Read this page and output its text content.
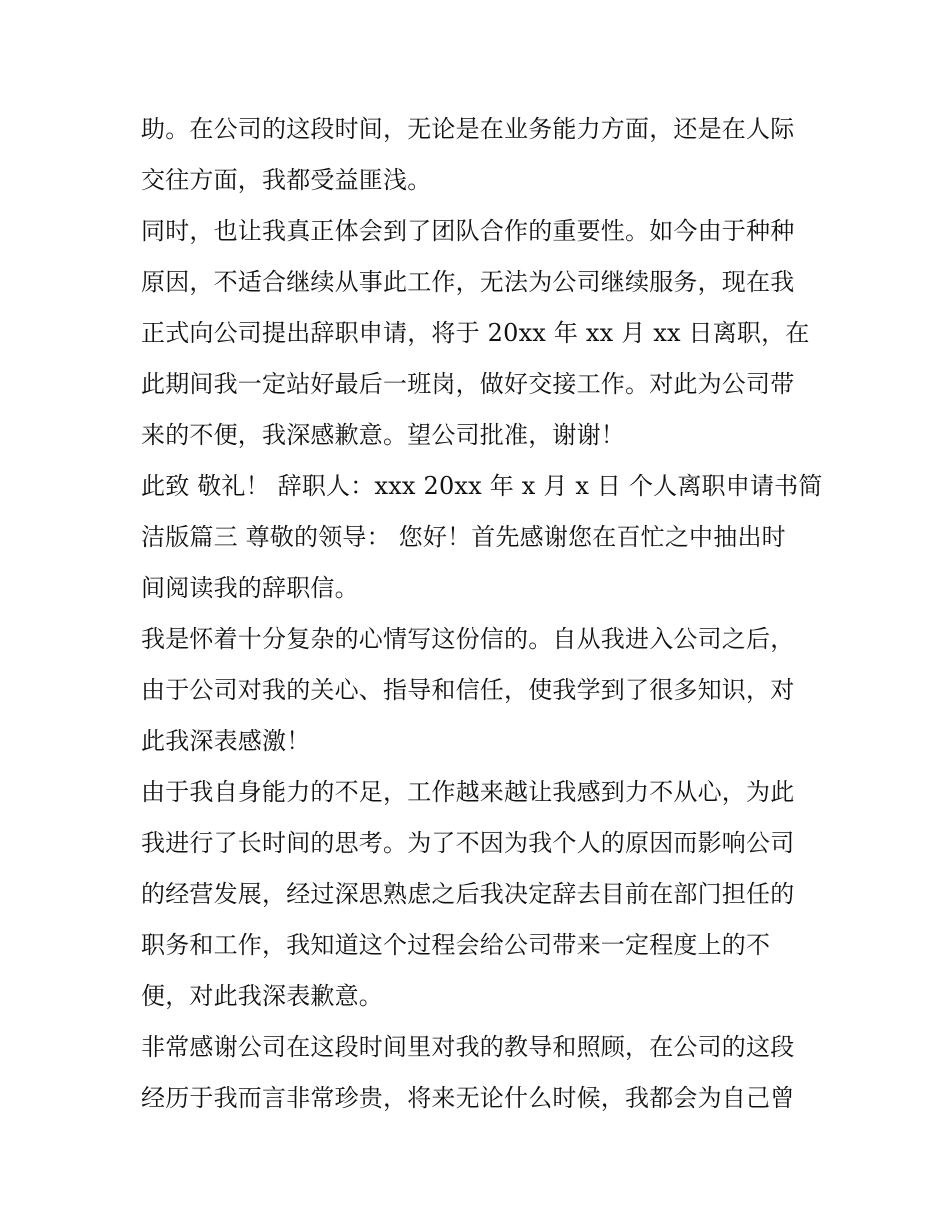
助。在公司的这段时间，无论是在业务能力方面，还是在人际
交往方面，我都受益匪浅。
同时，也让我真正体会到了团队合作的重要性。如今由于种种
原因，不适合继续从事此工作，无法为公司继续服务，现在我
正式向公司提出辞职申请，将于 20xx 年 xx 月 xx 日离职，在
此期间我一定站好最后一班岗，做好交接工作。对此为公司带
来的不便，我深感歉意。望公司批准，谢谢！
此致 敬礼！ 辞职人：xxx 20xx 年 x 月 x 日 个人离职申请书简
洁版篇三 尊敬的领导： 您好！首先感谢您在百忙之中抽出时
间阅读我的辞职信。
我是怀着十分复杂的心情写这份信的。自从我进入公司之后，
由于公司对我的关心、指导和信任，使我学到了很多知识，对
此我深表感激！
由于我自身能力的不足，工作越来越让我感到力不从心，为此
我进行了长时间的思考。为了不因为我个人的原因而影响公司
的经营发展，经过深思熟虑之后我决定辞去目前在部门担任的
职务和工作，我知道这个过程会给公司带来一定程度上的不
便，对此我深表歉意。
非常感谢公司在这段时间里对我的教导和照顾，在公司的这段
经历于我而言非常珍贵，将来无论什么时候，我都会为自己曾
